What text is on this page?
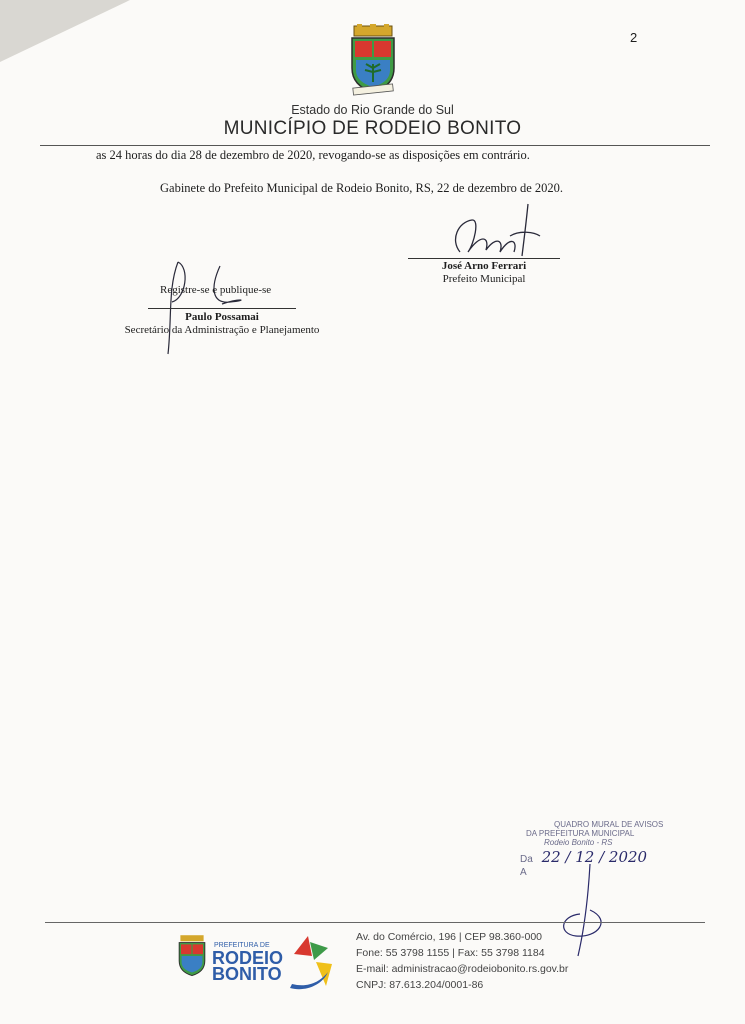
2
Estado do Rio Grande do Sul
MUNICÍPIO DE RODEIO BONITO
as 24 horas do dia 28 de dezembro de 2020, revogando-se as disposições em contrário.
Gabinete do Prefeito Municipal de Rodeio Bonito, RS, 22 de dezembro de 2020.
José Arno Ferrari
Prefeito Municipal
Registre-se e publique-se
Paulo Possamai
Secretário da Administração e Planejamento
QUADRO MURAL DE AVISOS
DA PREFEITURA MUNICIPAL
Rodeio Bonito - RS
Da 22 / 12 / 2020
A
PREFEITURA DE
RODEIO
BONITO
Av. do Comércio, 196 | CEP 98.360-000
Fone: 55 3798 1155 | Fax: 55 3798 1184
E-mail: administracao@rodeiobonito.rs.gov.br
CNPJ: 87.613.204/0001-86
